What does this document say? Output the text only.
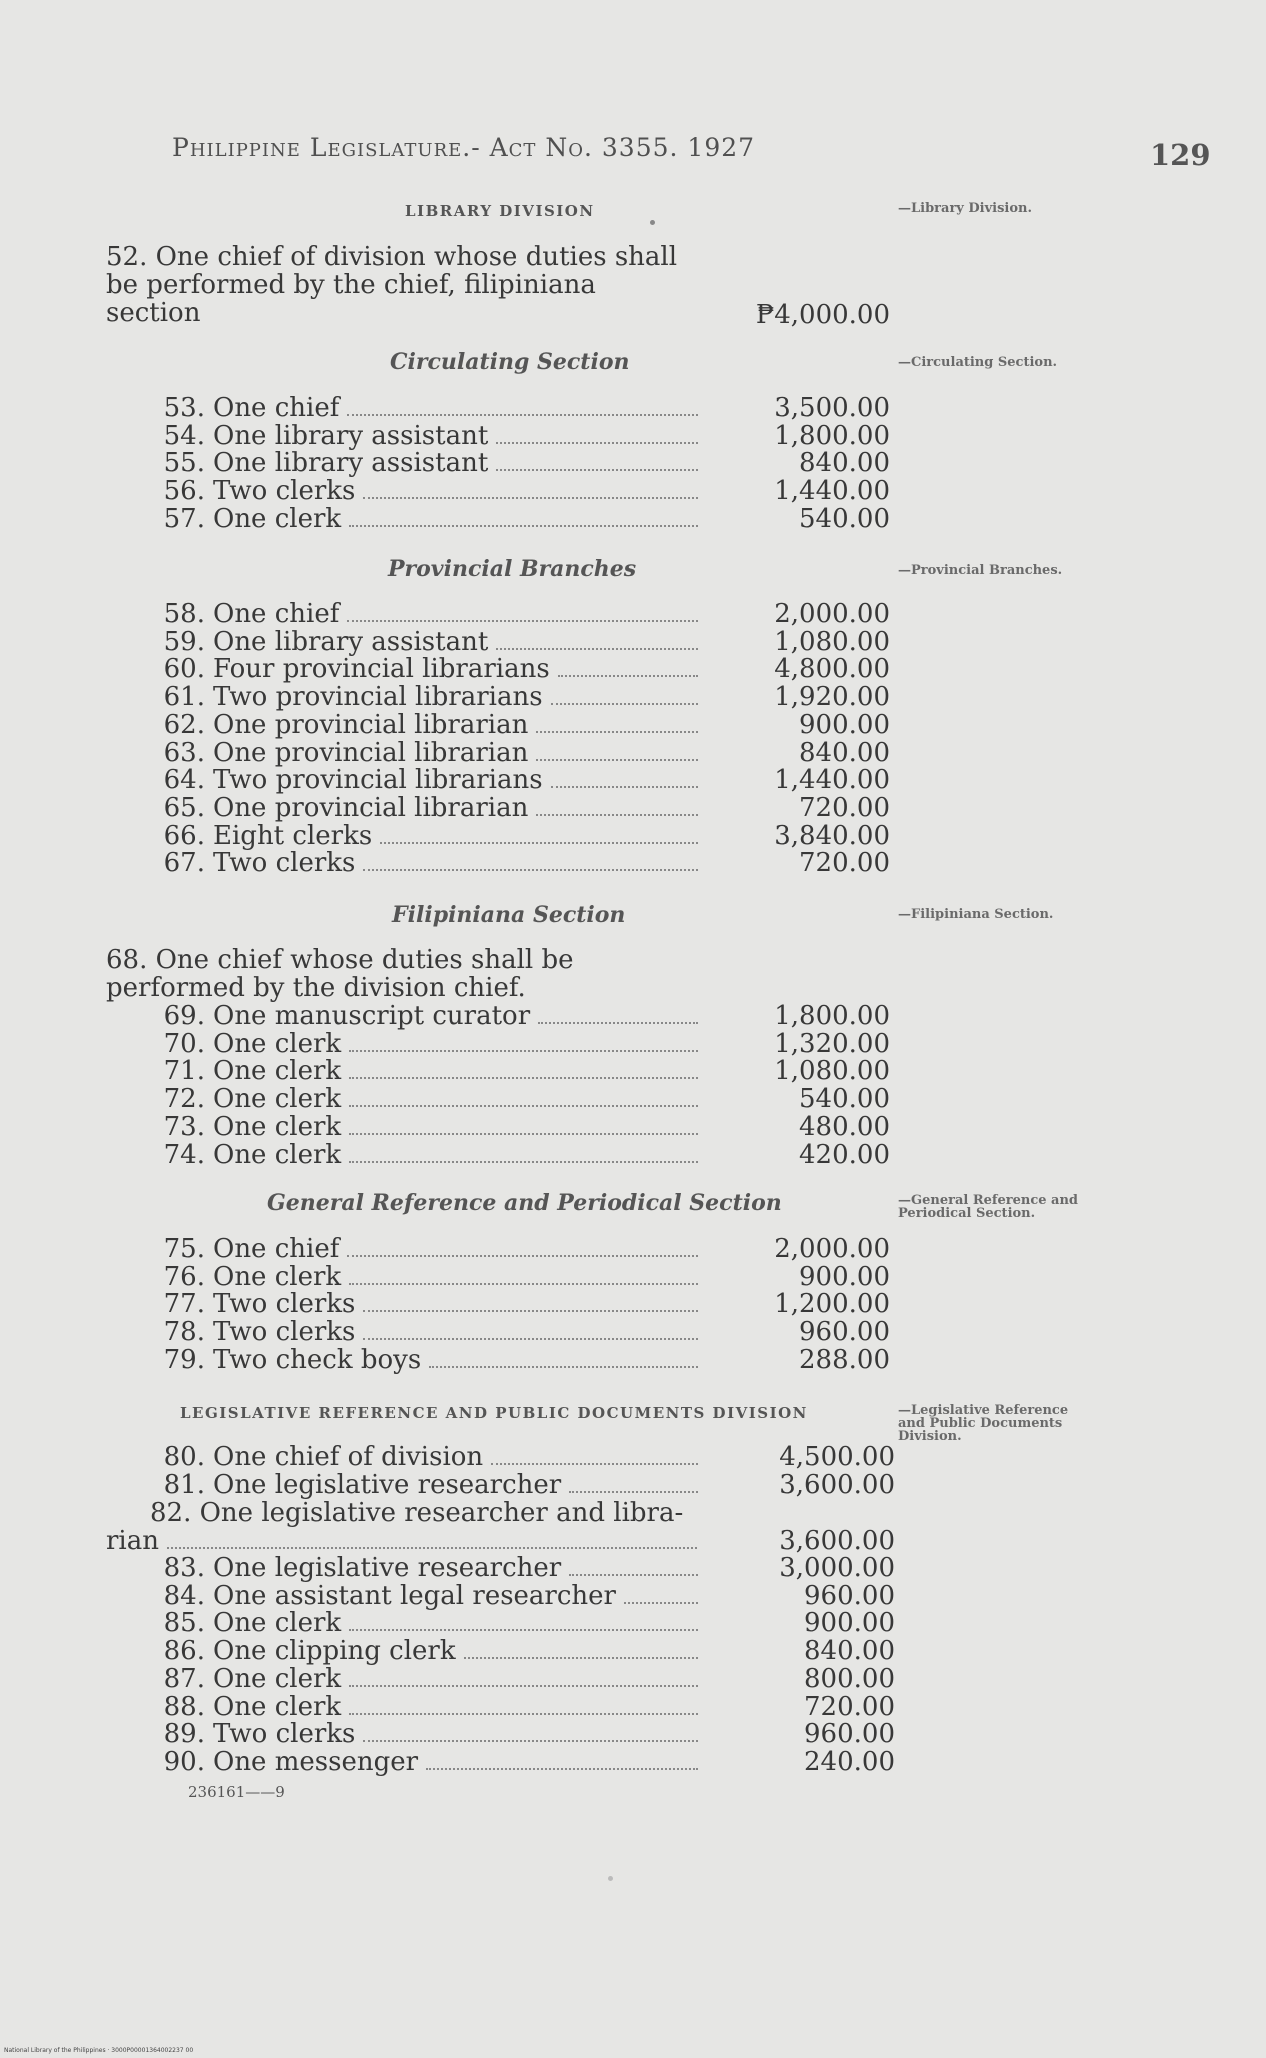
Philippine Legislature.- Act No. 3355. 1927	129
LIBRARY DIVISION	—Library Division.
52. One chief of division whose duties shall be performed by the chief, filipiniana section	₱4,000.00
Circulating Section	—Circulating Section.
53. One chief	3,500.00
54. One library assistant	1,800.00
55. One library assistant	840.00
56. Two clerks	1,440.00
57. One clerk	540.00
Provincial Branches	—Provincial Branches.
58. One chief	2,000.00
59. One library assistant	1,080.00
60. Four provincial librarians	4,800.00
61. Two provincial librarians	1,920.00
62. One provincial librarian	900.00
63. One provincial librarian	840.00
64. Two provincial librarians	1,440.00
65. One provincial librarian	720.00
66. Eight clerks	3,840.00
67. Two clerks	720.00
Filipiniana Section	—Filipiniana Section.
68. One chief whose duties shall be performed by the division chief.
69. One manuscript curator	1,800.00
70. One clerk	1,320.00
71. One clerk	1,080.00
72. One clerk	540.00
73. One clerk	480.00
74. One clerk	420.00
General Reference and Periodical Section	—General Reference and Periodical Section.
75. One chief	2,000.00
76. One clerk	900.00
77. Two clerks	1,200.00
78. Two clerks	960.00
79. Two check boys	288.00
LEGISLATIVE REFERENCE AND PUBLIC DOCUMENTS DIVISION	—Legislative Reference and Public Documents Division.
80. One chief of division	4,500.00
81. One legislative researcher	3,600.00
82. One legislative researcher and libra-
rian	3,600.00
83. One legislative researcher	3,000.00
84. One assistant legal researcher	960.00
85. One clerk	900.00
86. One clipping clerk	840.00
87. One clerk	800.00
88. One clerk	720.00
89. Two clerks	960.00
90. One messenger	240.00
236161——9
National Library of the Philippines · 3000P00001364002237 00
